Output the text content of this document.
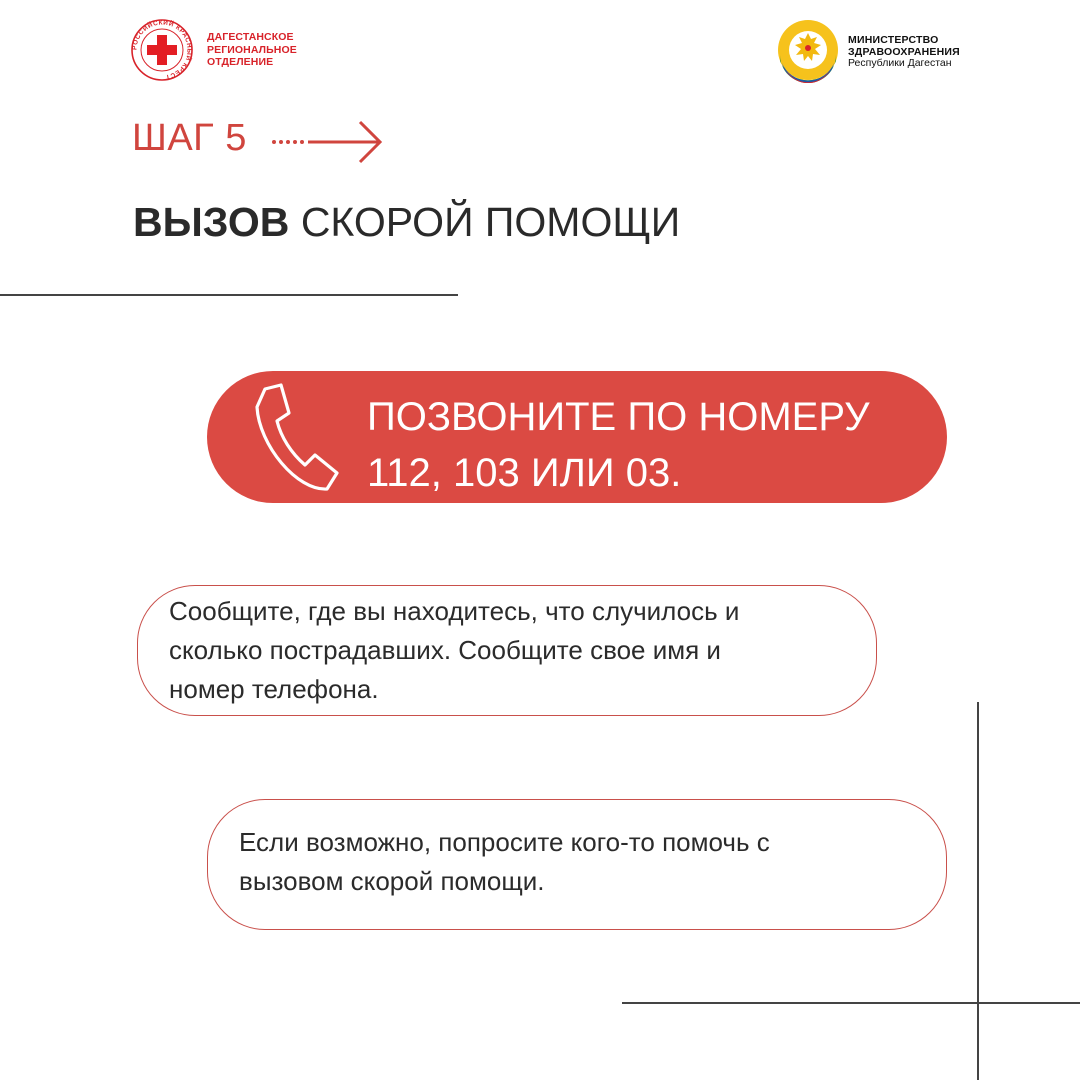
РОССИЙСКИЙ КРАСНЫЙ КРЕСТ
ДАГЕСТАНСКОЕ
РЕГИОНАЛЬНОЕ
ОТДЕЛЕНИЕ
МИНИСТЕРСТВО
ЗДРАВООХРАНЕНИЯ
Республики Дагестан
ШАГ 5
ВЫЗОВ СКОРОЙ ПОМОЩИ
ПОЗВОНИТЕ ПО НОМЕРУ
112, 103 ИЛИ 03.
Сообщите, где вы находитесь, что случилось и
сколько пострадавших. Сообщите свое имя и
номер телефона.
Если возможно, попросите кого-то помочь с
вызовом скорой помощи.
